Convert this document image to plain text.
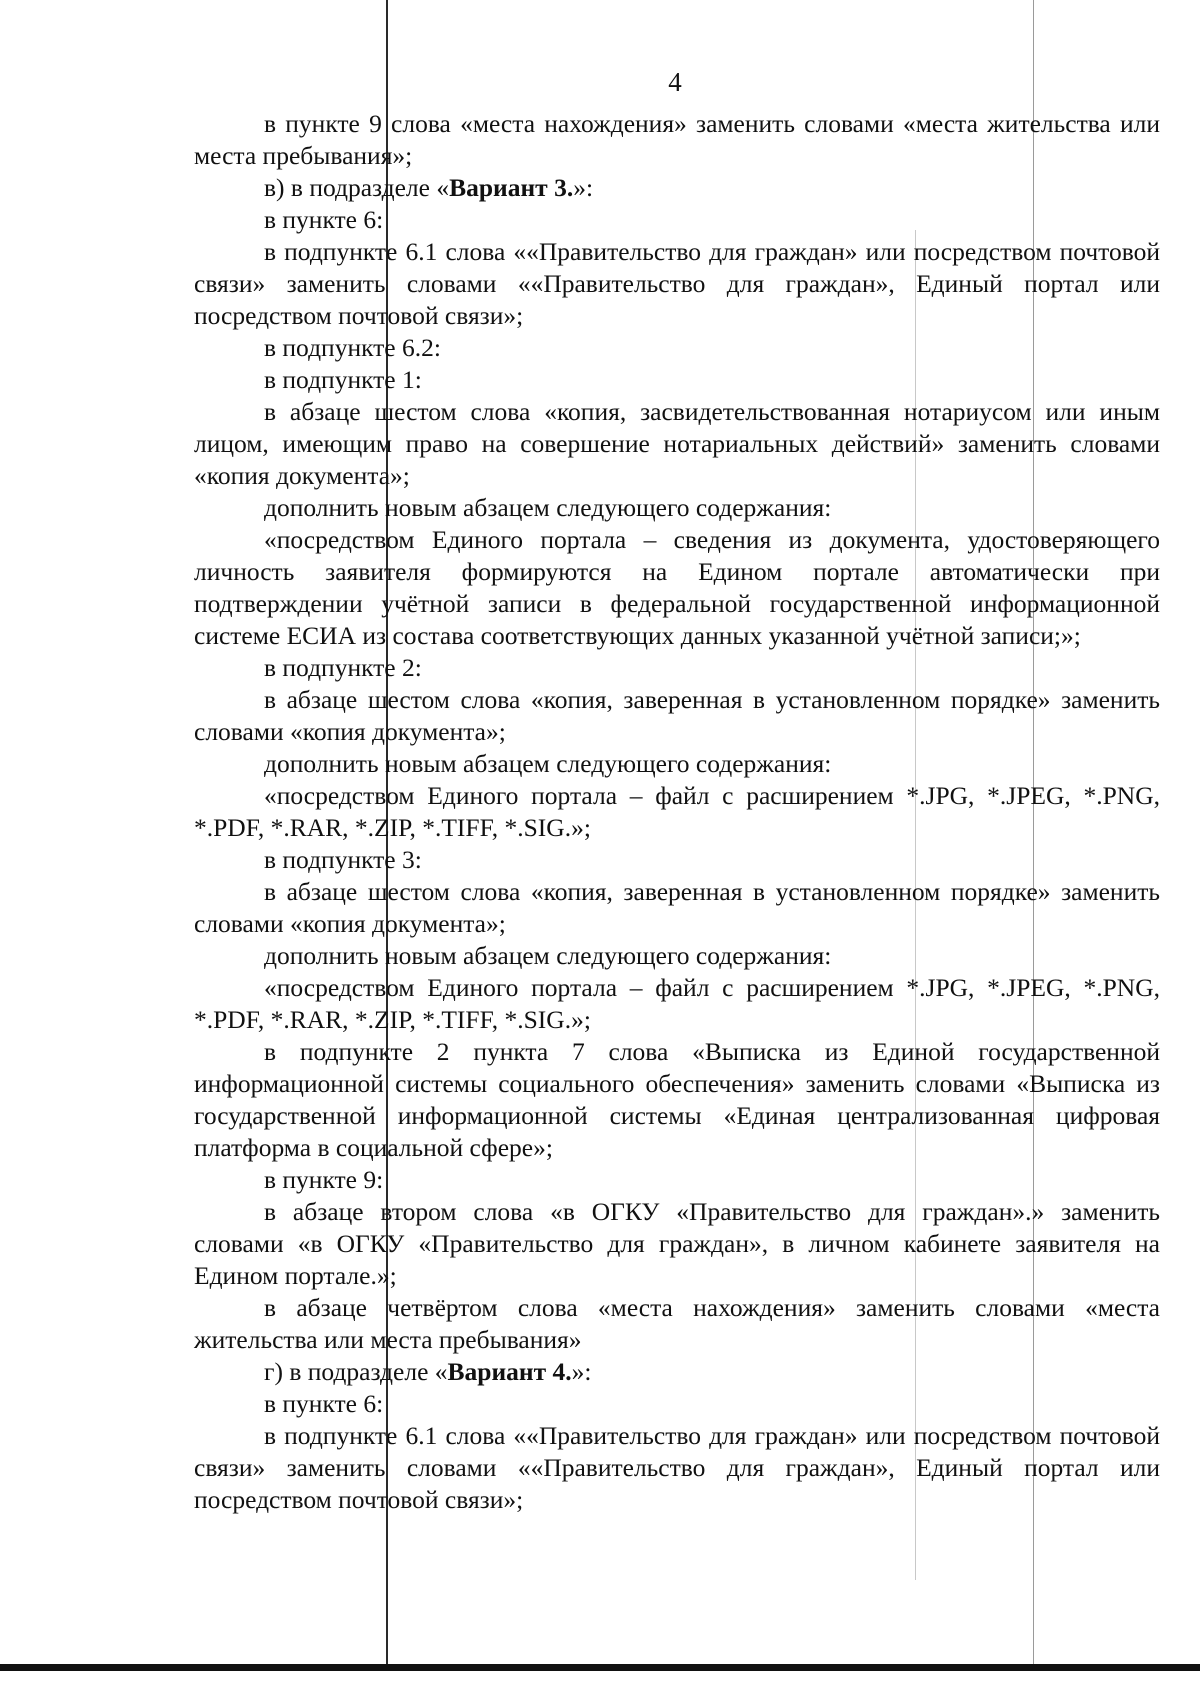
4

в пункте 9 слова «места нахождения» заменить словами «места жительства или места пребывания»;

в) в подразделе «Вариант 3.»:

в пункте 6:

в подпункте 6.1 слова ««Правительство для граждан» или посредством почтовой связи» заменить словами ««Правительство для граждан», Единый портал или посредством почтовой связи»;

в подпункте 6.2:

в подпункте 1:

в абзаце шестом слова «копия, засвидетельствованная нотариусом или иным лицом, имеющим право на совершение нотариальных действий» заменить словами «копия документа»;

дополнить новым абзацем следующего содержания:

«посредством Единого портала – сведения из документа, удостоверяющего личность заявителя формируются на Едином портале автоматически при подтверждении учётной записи в федеральной государственной информационной системе ЕСИА из состава соответствующих данных указанной учётной записи;»;

в подпункте 2:

в абзаце шестом слова «копия, заверенная в установленном порядке» заменить словами «копия документа»;

дополнить новым абзацем следующего содержания:

«посредством Единого портала – файл с расширением *.JPG, *.JPEG, *.PNG, *.PDF, *.RAR, *.ZIP, *.TIFF, *.SIG.»;

в подпункте 3:

в абзаце шестом слова «копия, заверенная в установленном порядке» заменить словами «копия документа»;

дополнить новым абзацем следующего содержания:

«посредством Единого портала – файл с расширением *.JPG, *.JPEG, *.PNG, *.PDF, *.RAR, *.ZIP, *.TIFF, *.SIG.»;

в подпункте 2 пункта 7 слова «Выписка из Единой государственной информационной системы социального обеспечения» заменить словами «Выписка из государственной информационной системы «Единая централизованная цифровая платформа в социальной сфере»;

в пункте 9:

в абзаце втором слова «в ОГКУ «Правительство для граждан».» заменить словами «в ОГКУ «Правительство для граждан», в личном кабинете заявителя на Едином портале.»;

в абзаце четвёртом слова «места нахождения» заменить словами «места жительства или места пребывания»

г) в подразделе «Вариант 4.»:

в пункте 6:

в подпункте 6.1 слова ««Правительство для граждан» или посредством почтовой связи» заменить словами ««Правительство для граждан», Единый портал или посредством почтовой связи»;
